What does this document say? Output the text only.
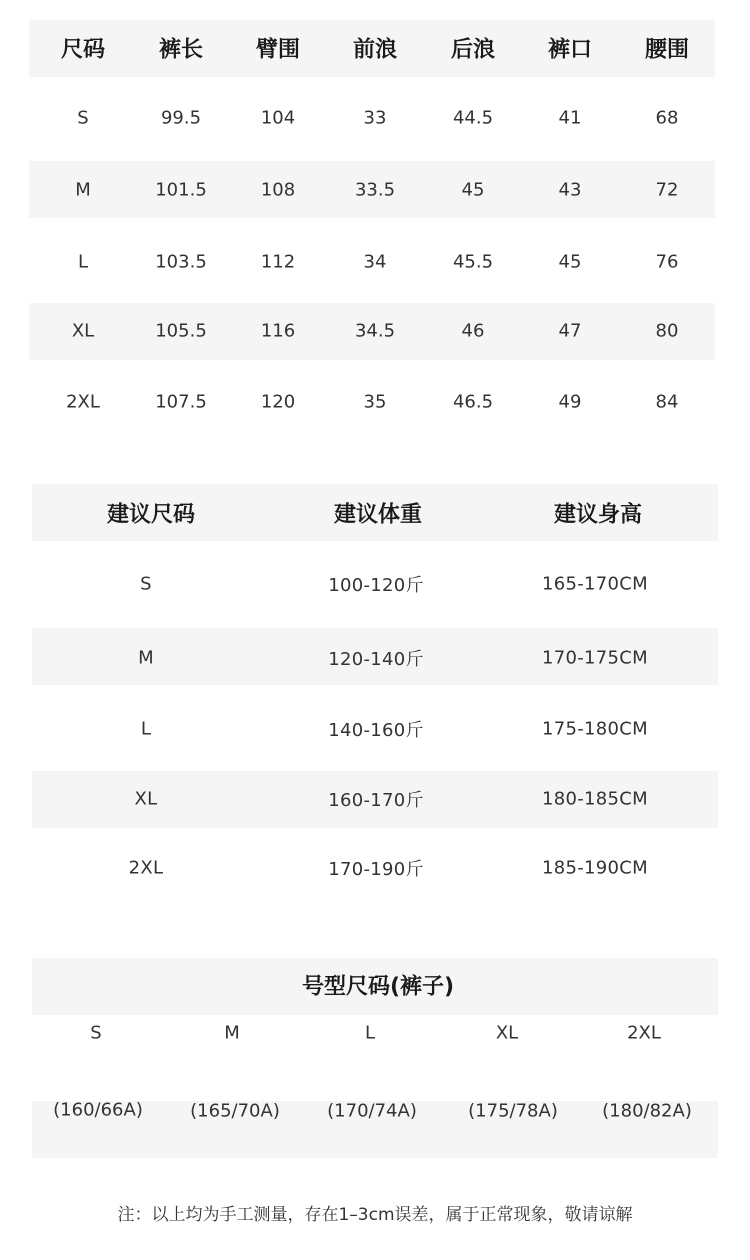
尺码 裤长 臂围 前浪 后浪 裤口 腰围
S	99.5	104	33	44.5	41	68
M	101.5	108	33.5	45	43	72
L	103.5	112	34	45.5	45	76
XL	105.5	116	34.5	46	47	80
2XL	107.5	120	35	46.5	49	84
建议尺码	建议体重	建议身高
S	100-120斤	165-170CM
M	120-140斤	170-175CM
L	140-160斤	175-180CM
XL	160-170斤	180-185CM
2XL	170-190斤	185-190CM
号型尺码(裤子)
S	M	L	XL	2XL
(160/66A)	(165/70A)	(170/74A)	(175/78A) (180/82A)
注：以上均为手工测量，存在1–3cm误差，属于正常现象，敬请谅解
